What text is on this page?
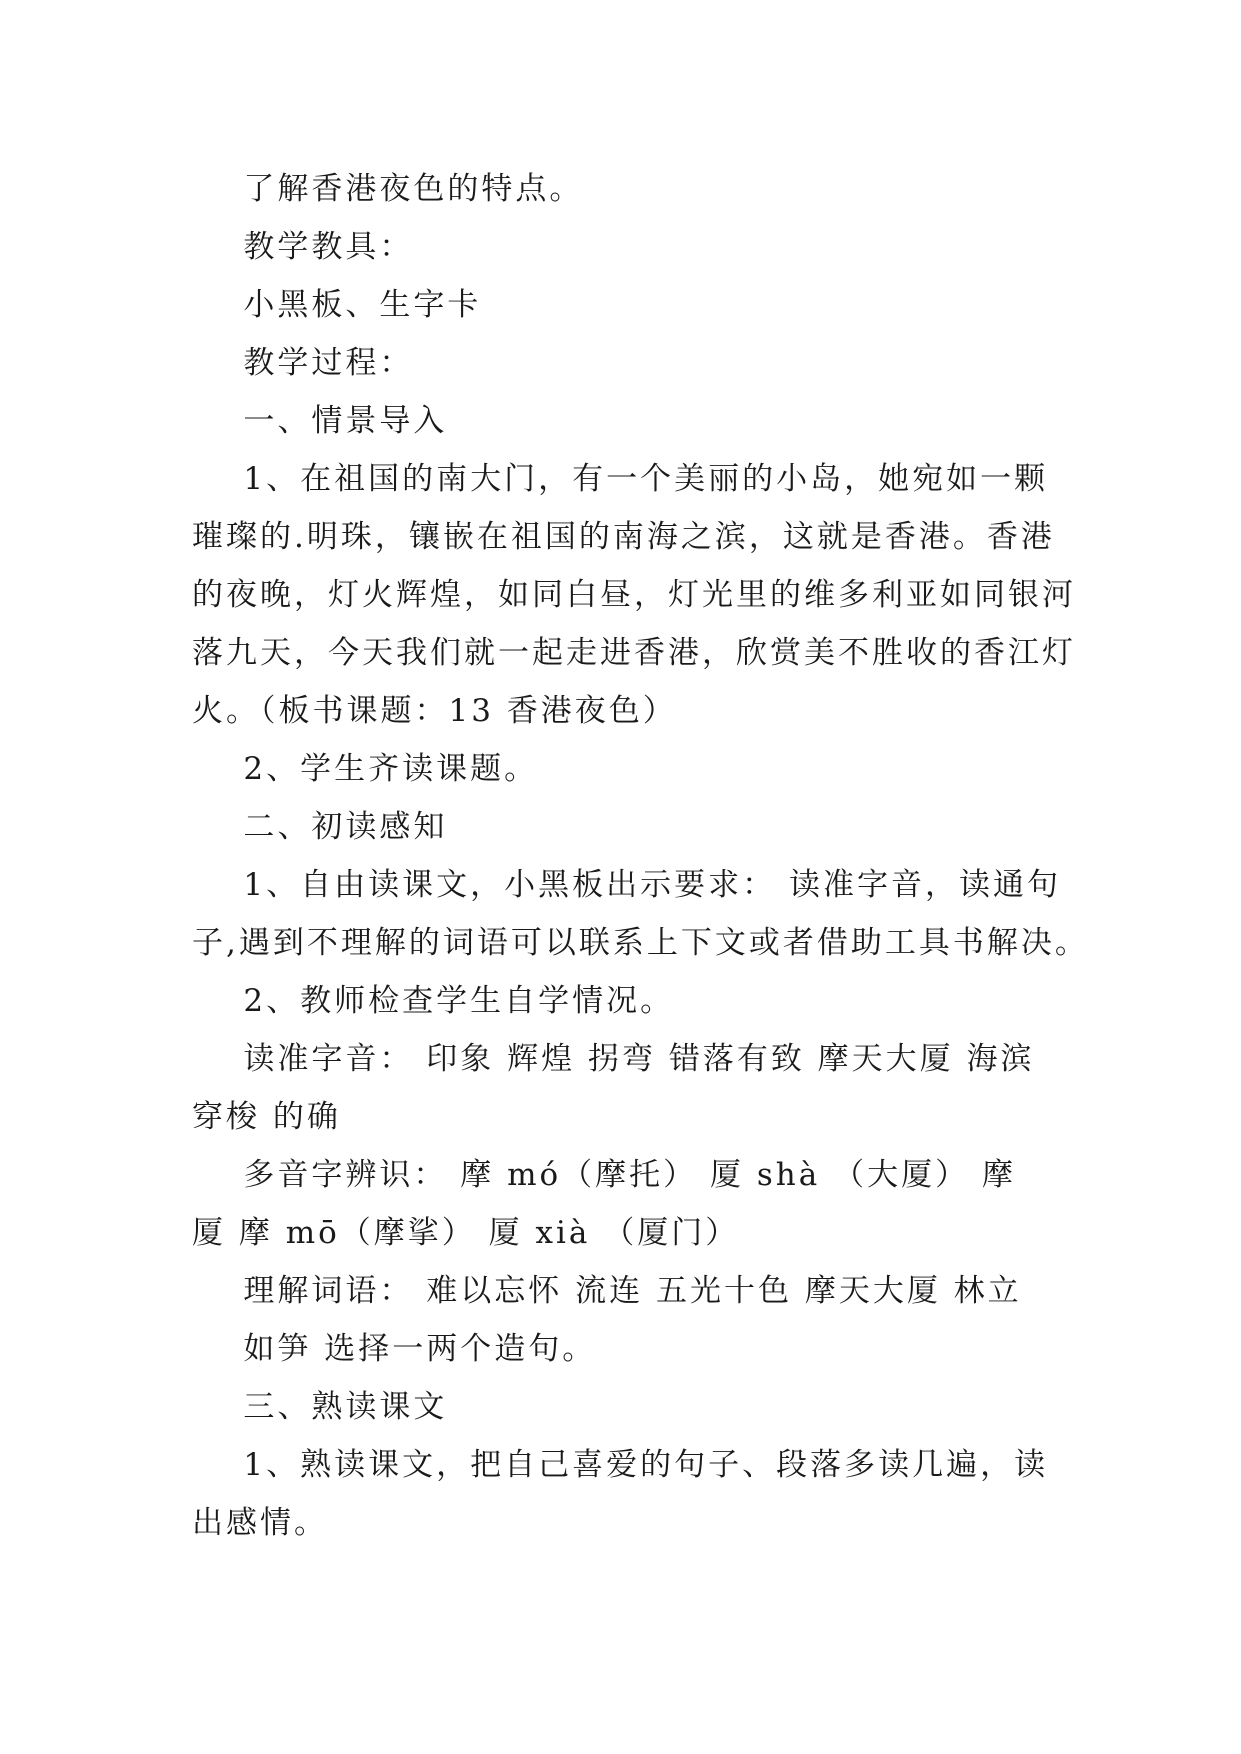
了解香港夜色的特点。
教学教具：
小黑板、生字卡
教学过程：
一、情景导入
1、在祖国的南大门，有一个美丽的小岛，她宛如一颗
璀璨的.明珠，镶嵌在祖国的南海之滨，这就是香港。香港
的夜晚，灯火辉煌，如同白昼，灯光里的维多利亚如同银河
落九天，今天我们就一起走进香港，欣赏美不胜收的香江灯
火。（板书课题：13 香港夜色）
2、学生齐读课题。
二、初读感知
1、自由读课文，小黑板出示要求： 读准字音，读通句
子,遇到不理解的词语可以联系上下文或者借助工具书解决。
2、教师检查学生自学情况。
读准字音： 印象 辉煌 拐弯 错落有致 摩天大厦 海滨
穿梭 的确
多音字辨识： 摩 mó（摩托） 厦 shà （大厦） 摩
厦 摩 mō（摩挲） 厦 xià （厦门）
理解词语： 难以忘怀 流连 五光十色 摩天大厦 林立
如笋 选择一两个造句。
三、熟读课文
1、熟读课文，把自己喜爱的句子、段落多读几遍，读
出感情。
